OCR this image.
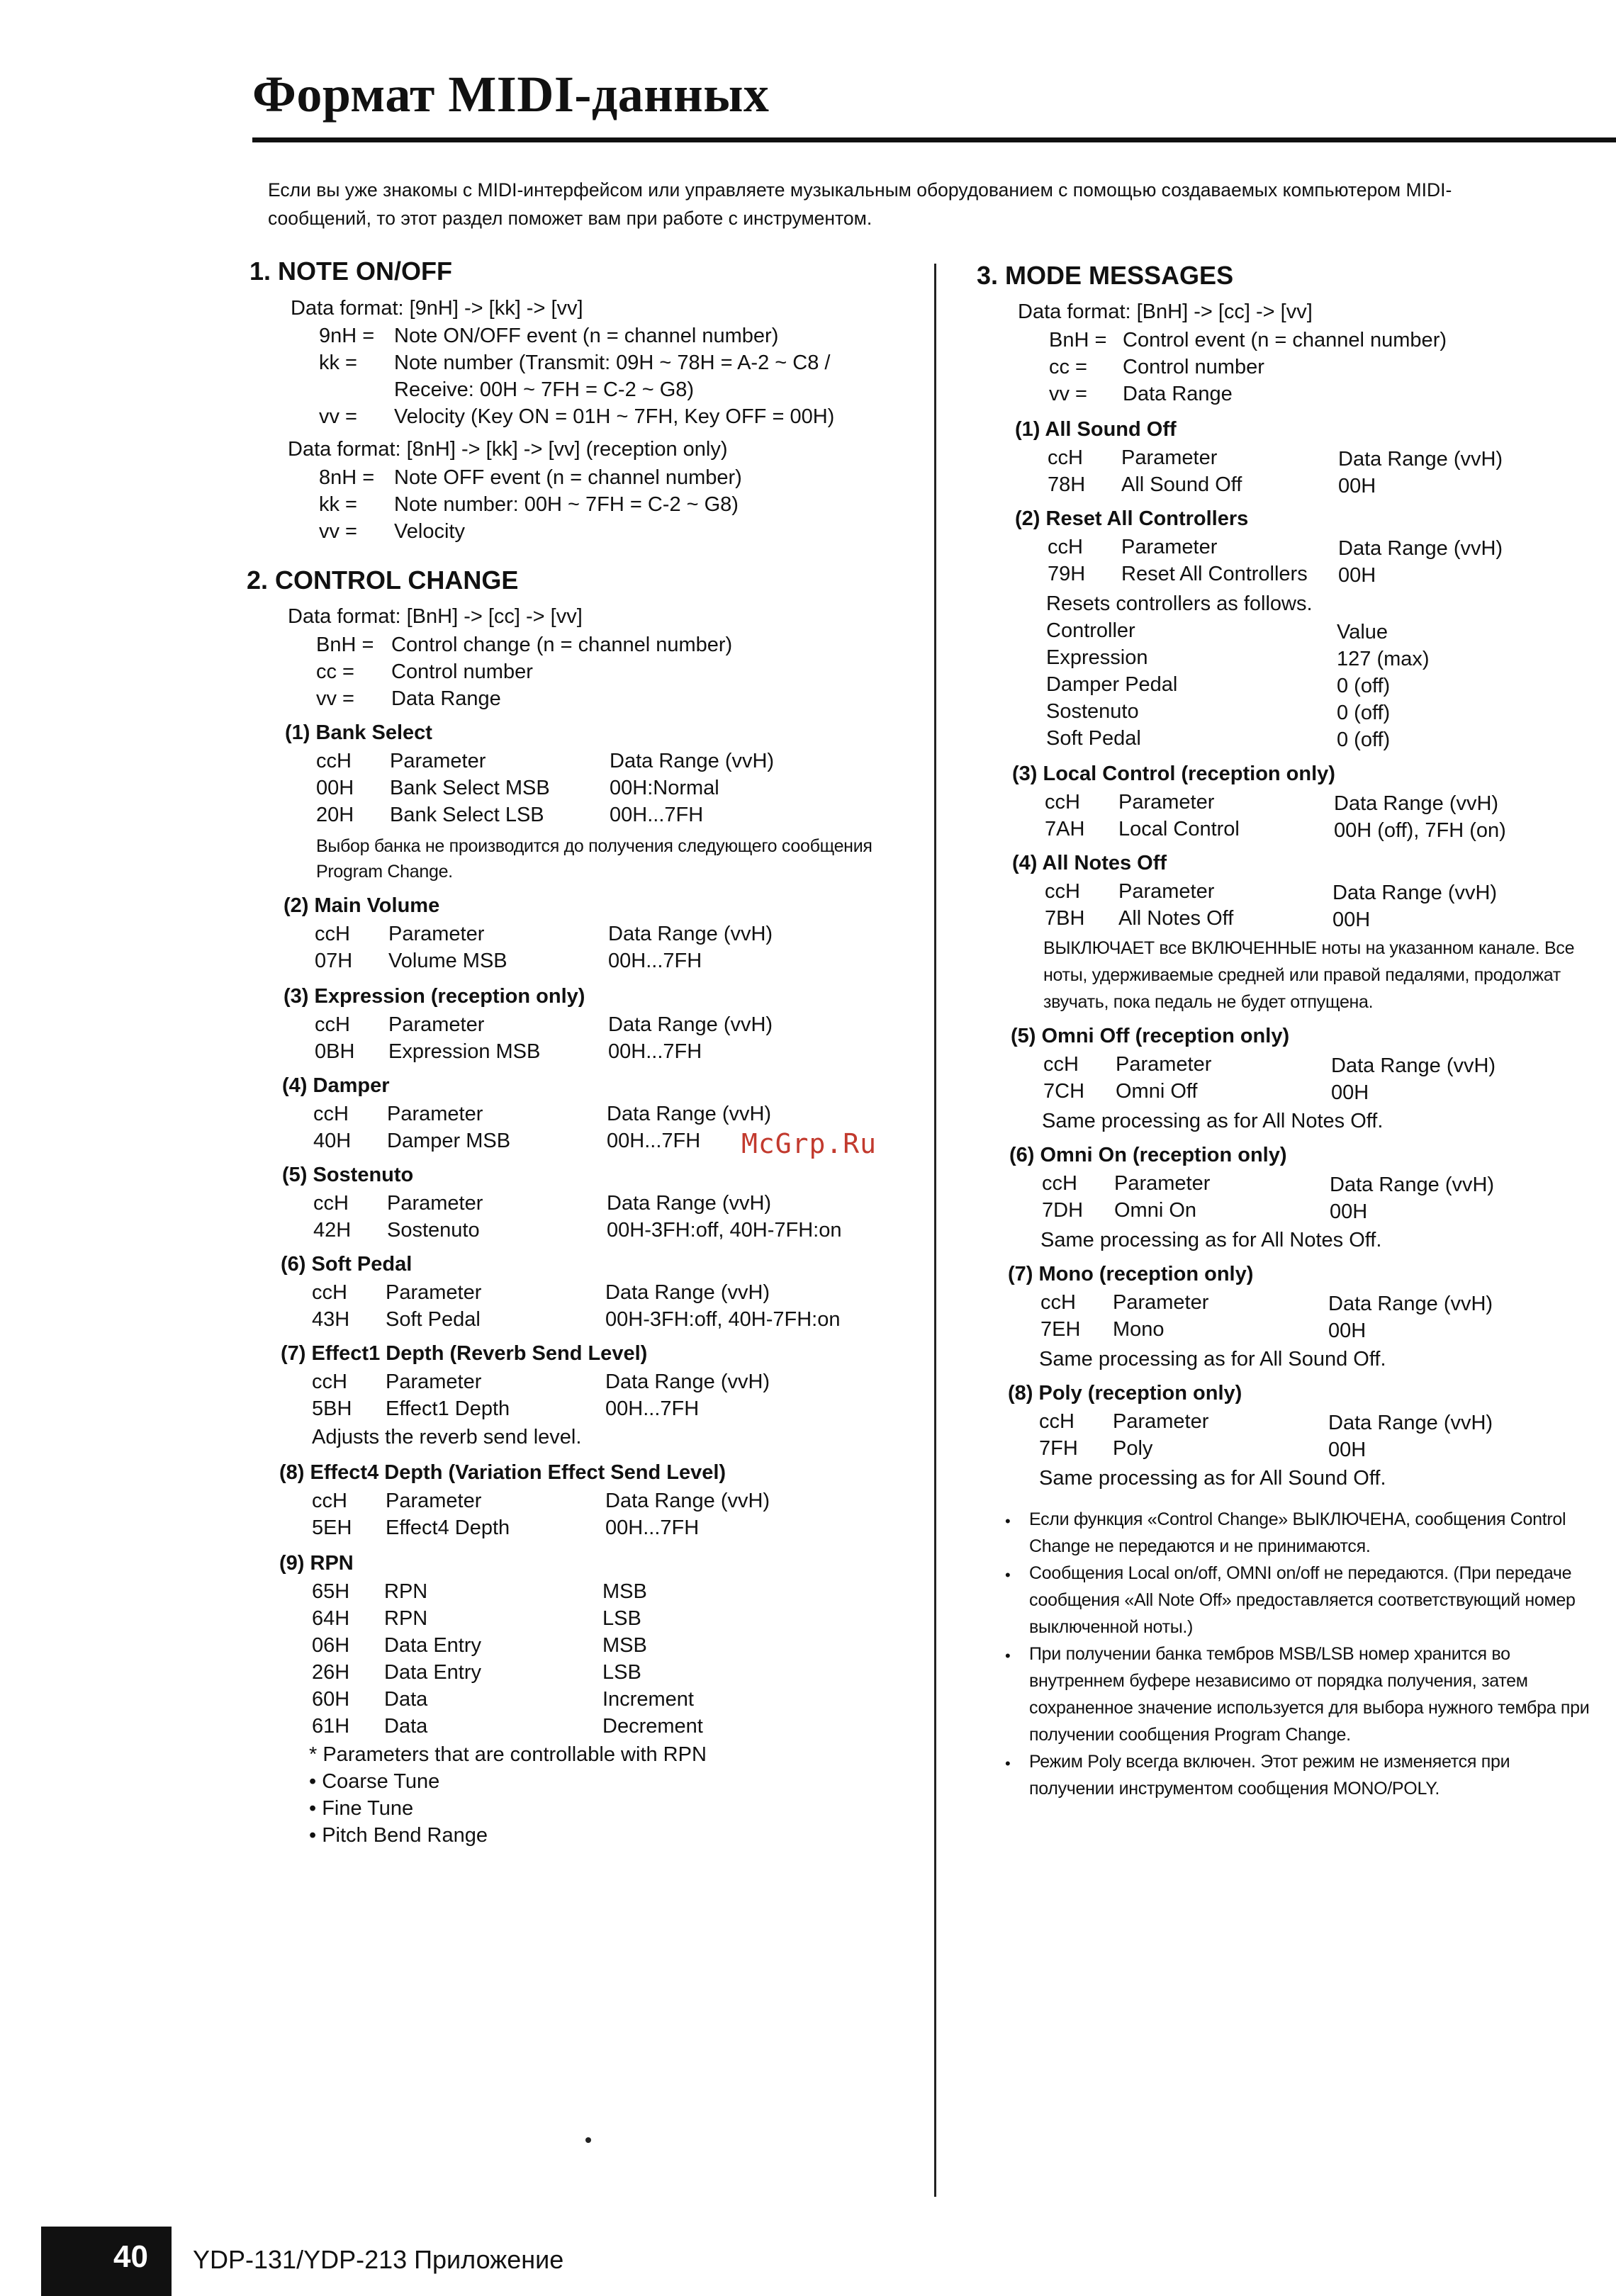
Формат MIDI-данных

Если вы уже знакомы с MIDI-интерфейсом или управляете музыкальным оборудованием с помощью создаваемых компьютером MIDI-сообщений, то этот раздел поможет вам при работе с инструментом.

1. NOTE ON/OFF
Data format: [9nH] -> [kk] -> [vv]
9nH = Note ON/OFF event (n = channel number)
kk = Note number (Transmit: 09H ~ 78H = A-2 ~ C8 /
Receive: 00H ~ 7FH = C-2 ~ G8)
vv = Velocity (Key ON = 01H ~ 7FH, Key OFF = 00H)
Data format: [8nH] -> [kk] -> [vv] (reception only)
8nH = Note OFF event (n = channel number)
kk = Note number: 00H ~ 7FH = C-2 ~ G8)
vv = Velocity
2. CONTROL CHANGE
Data format: [BnH] -> [cc] -> [vv]
BnH = Control change (n = channel number)
cc = Control number
vv = Data Range
(1) Bank Select
ccH Parameter	Data Range (vvH)
00H Bank Select MSB	00H:Normal
20H Bank Select LSB	00H...7FH
Выбор банка не производится до получения следующего сообщения
Program Change.
(2) Main Volume
ccH Parameter	Data Range (vvH)
07H Volume MSB	00H...7FH
(3) Expression (reception only)
ccH Parameter	Data Range (vvH)
0BH Expression MSB	00H...7FH
(4) Damper
ccH Parameter	Data Range (vvH)
40H Damper MSB	00H...7FH
(5) Sostenuto
ccH Parameter	Data Range (vvH)
42H Sostenuto	00H-3FH:off, 40H-7FH:on
(6) Soft Pedal
ccH Parameter	Data Range (vvH)
43H Soft Pedal	00H-3FH:off, 40H-7FH:on
(7) Effect1 Depth (Reverb Send Level)
ccH Parameter	Data Range (vvH)
5BH Effect1 Depth	00H...7FH
Adjusts the reverb send level.
(8) Effect4 Depth (Variation Effect Send Level)
ccH Parameter	Data Range (vvH)
5EH Effect4 Depth	00H...7FH
(9) RPN
65H RPN	MSB
64H RPN	LSB
06H Data Entry	MSB
26H Data Entry	LSB
60H Data	Increment
61H Data	Decrement
* Parameters that are controllable with RPN
• Coarse Tune
• Fine Tune
• Pitch Bend Range
3. MODE MESSAGES
Data format: [BnH] -> [cc] -> [vv]
BnH = Control event (n = channel number)
cc = Control number
vv = Data Range
(1) All Sound Off
ccH Parameter	Data Range (vvH)
78H All Sound Off	00H
(2) Reset All Controllers
ccH Parameter	Data Range (vvH)
79H Reset All Controllers 00H
Resets controllers as follows.
Controller	Value
Expression	127 (max)
Damper Pedal	0 (off)
Sostenuto	0 (off)
Soft Pedal	0 (off)
(3) Local Control (reception only)
ccH Parameter	Data Range (vvH)
7AH Local Control	00H (off), 7FH (on)
(4) All Notes Off
ccH Parameter	Data Range (vvH)
7BH All Notes Off	00H
ВЫКЛЮЧАЕТ все ВКЛЮЧЕННЫЕ ноты на указанном канале. Все
ноты, удерживаемые средней или правой педалями, продолжат
звучать, пока педаль не будет отпущена.
(5) Omni Off (reception only)
ccH Parameter	Data Range (vvH)
7CH Omni Off	00H
Same processing as for All Notes Off.
(6) Omni On (reception only)
ccH Parameter	Data Range (vvH)
7DH Omni On	00H
Same processing as for All Notes Off.
(7) Mono (reception only)
ccH Parameter	Data Range (vvH)
7EH Mono	00H
Same processing as for All Sound Off.
(8) Poly (reception only)
ccH Parameter	Data Range (vvH)
7FH Poly	00H
Same processing as for All Sound Off.
• Если функция «Control Change» ВЫКЛЮЧЕНА, сообщения Control
Change не передаются и не принимаются.
• Сообщения Local on/off, OMNI on/off не передаются. (При передаче
сообщения «All Note Off» предоставляется соответствующий номер
выключенной ноты.)
• При получении банка тембров MSB/LSB номер хранится во
внутреннем буфере независимо от порядка получения, затем
сохраненное значение используется для выбора нужного тембра при
получении сообщения Program Change.
• Режим Poly всегда включен. Этот режим не изменяется при
получении инструментом сообщения MONO/POLY.
McGrp.Ru
40 YDP-131/YDP-213 Приложение
